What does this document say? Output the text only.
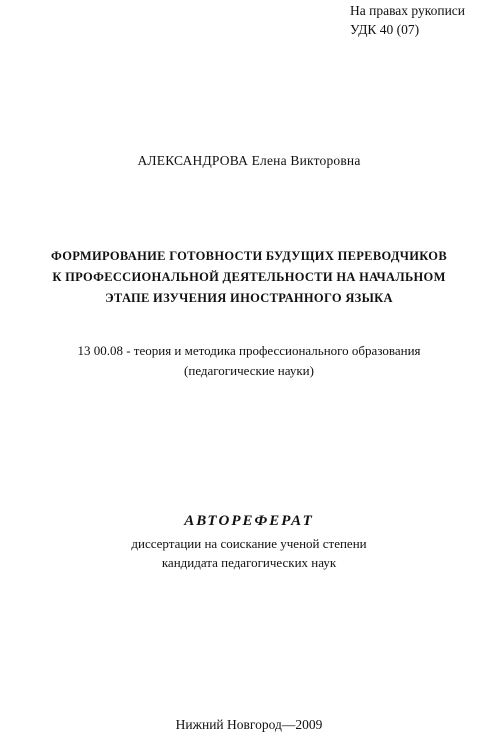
На правах рукописи
УДК 40 (07)
АЛЕКСАНДРОВА Елена Викторовна
ФОРМИРОВАНИЕ ГОТОВНОСТИ БУДУЩИХ ПЕРЕВОДЧИКОВ
К ПРОФЕССИОНАЛЬНОЙ ДЕЯТЕЛЬНОСТИ НА НАЧАЛЬНОМ
ЭТАПЕ ИЗУЧЕНИЯ ИНОСТРАННОГО ЯЗЫКА
13 00.08 - теория и методика профессионального образования
(педагогические науки)
АВТОРЕФЕРАТ
диссертации на соискание ученой степени
кандидата педагогических наук
Нижний Новгород—2009
